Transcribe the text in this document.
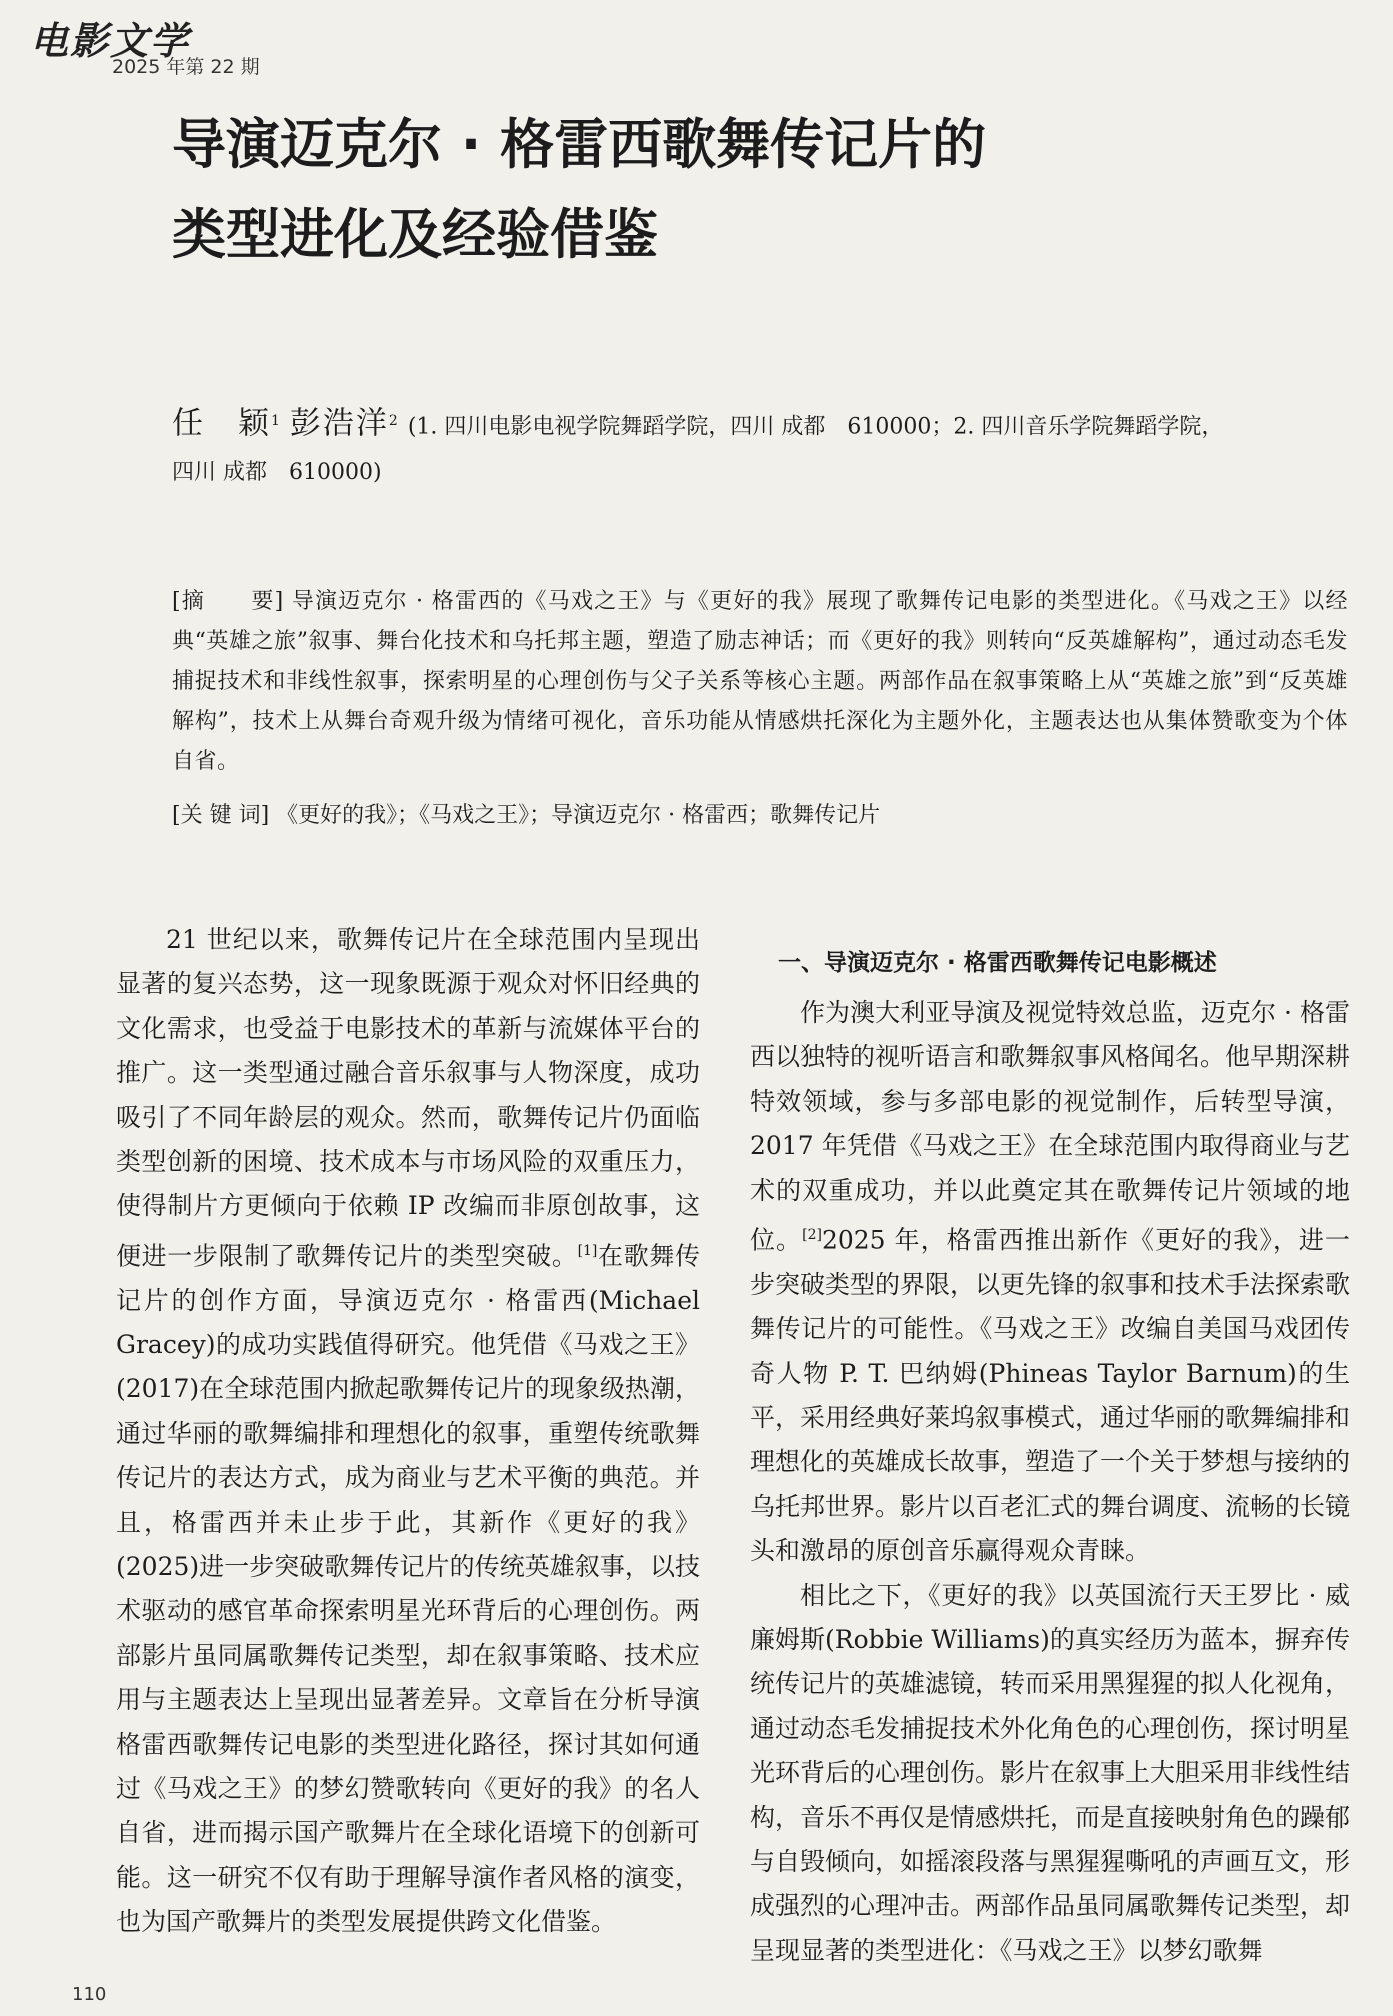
电影文学
2025 年第 22 期
导演迈克尔 · 格雷西歌舞传记片的
类型进化及经验借鉴
任　颖$^1$ 彭浩洋$^2$ (1. 四川电影电视学院舞蹈学院，四川 成都　610000；2. 四川音乐学院舞蹈学院，
四川 成都　610000)

[摘　　要] 导演迈克尔 · 格雷西的《马戏之王》与《更好的我》展现了歌舞传记电影的类型进化。《马戏之王》以经典“英雄之旅”叙事、舞台化技术和乌托邦主题，塑造了励志神话；而《更好的我》则转向“反英雄解构”，通过动态毛发捕捉技术和非线性叙事，探索明星的心理创伤与父子关系等核心主题。两部作品在叙事策略上从“英雄之旅”到“反英雄解构”，技术上从舞台奇观升级为情绪可视化，音乐功能从情感烘托深化为主题外化，主题表达也从集体赞歌变为个体自省。

[关 键 词] 《更好的我》；《马戏之王》；导演迈克尔 · 格雷西；歌舞传记片

21 世纪以来，歌舞传记片在全球范围内呈现出显著的复兴态势，这一现象既源于观众对怀旧经典的文化需求，也受益于电影技术的革新与流媒体平台的推广。这一类型通过融合音乐叙事与人物深度，成功吸引了不同年龄层的观众。然而，歌舞传记片仍面临类型创新的困境、技术成本与市场风险的双重压力，使得制片方更倾向于依赖 IP 改编而非原创故事，这便进一步限制了歌舞传记片的类型突破。[1]在歌舞传记片的创作方面，导演迈克尔 · 格雷西(Michael Gracey)的成功实践值得研究。他凭借《马戏之王》(2017)在全球范围内掀起歌舞传记片的现象级热潮，通过华丽的歌舞编排和理想化的叙事，重塑传统歌舞传记片的表达方式，成为商业与艺术平衡的典范。并且，格雷西并未止步于此，其新作《更好的我》(2025)进一步突破歌舞传记片的传统英雄叙事，以技术驱动的感官革命探索明星光环背后的心理创伤。两部影片虽同属歌舞传记类型，却在叙事策略、技术应用与主题表达上呈现出显著差异。文章旨在分析导演格雷西歌舞传记电影的类型进化路径，探讨其如何通过《马戏之王》的梦幻赞歌转向《更好的我》的名人自省，进而揭示国产歌舞片在全球化语境下的创新可能。这一研究不仅有助于理解导演作者风格的演变，也为国产歌舞片的类型发展提供跨文化借鉴。

一、导演迈克尔 · 格雷西歌舞传记电影概述

作为澳大利亚导演及视觉特效总监，迈克尔 · 格雷西以独特的视听语言和歌舞叙事风格闻名。他早期深耕特效领域，参与多部电影的视觉制作，后转型导演，2017 年凭借《马戏之王》在全球范围内取得商业与艺术的双重成功，并以此奠定其在歌舞传记片领域的地位。[2]2025 年，格雷西推出新作《更好的我》，进一步突破类型的界限，以更先锋的叙事和技术手法探索歌舞传记片的可能性。《马戏之王》改编自美国马戏团传奇人物 P. T. 巴纳姆(Phineas Taylor Barnum)的生平，采用经典好莱坞叙事模式，通过华丽的歌舞编排和理想化的英雄成长故事，塑造了一个关于梦想与接纳的乌托邦世界。影片以百老汇式的舞台调度、流畅的长镜头和激昂的原创音乐赢得观众青睐。

相比之下，《更好的我》以英国流行天王罗比 · 威廉姆斯(Robbie Williams)的真实经历为蓝本，摒弃传统传记片的英雄滤镜，转而采用黑猩猩的拟人化视角，通过动态毛发捕捉技术外化角色的心理创伤，探讨明星光环背后的心理创伤。影片在叙事上大胆采用非线性结构，音乐不再仅是情感烘托，而是直接映射角色的躁郁与自毁倾向，如摇滚段落与黑猩猩嘶吼的声画互文，形成强烈的心理冲击。两部作品虽同属歌舞传记类型，却呈现显著的类型进化：《马戏之王》以梦幻歌舞

110
